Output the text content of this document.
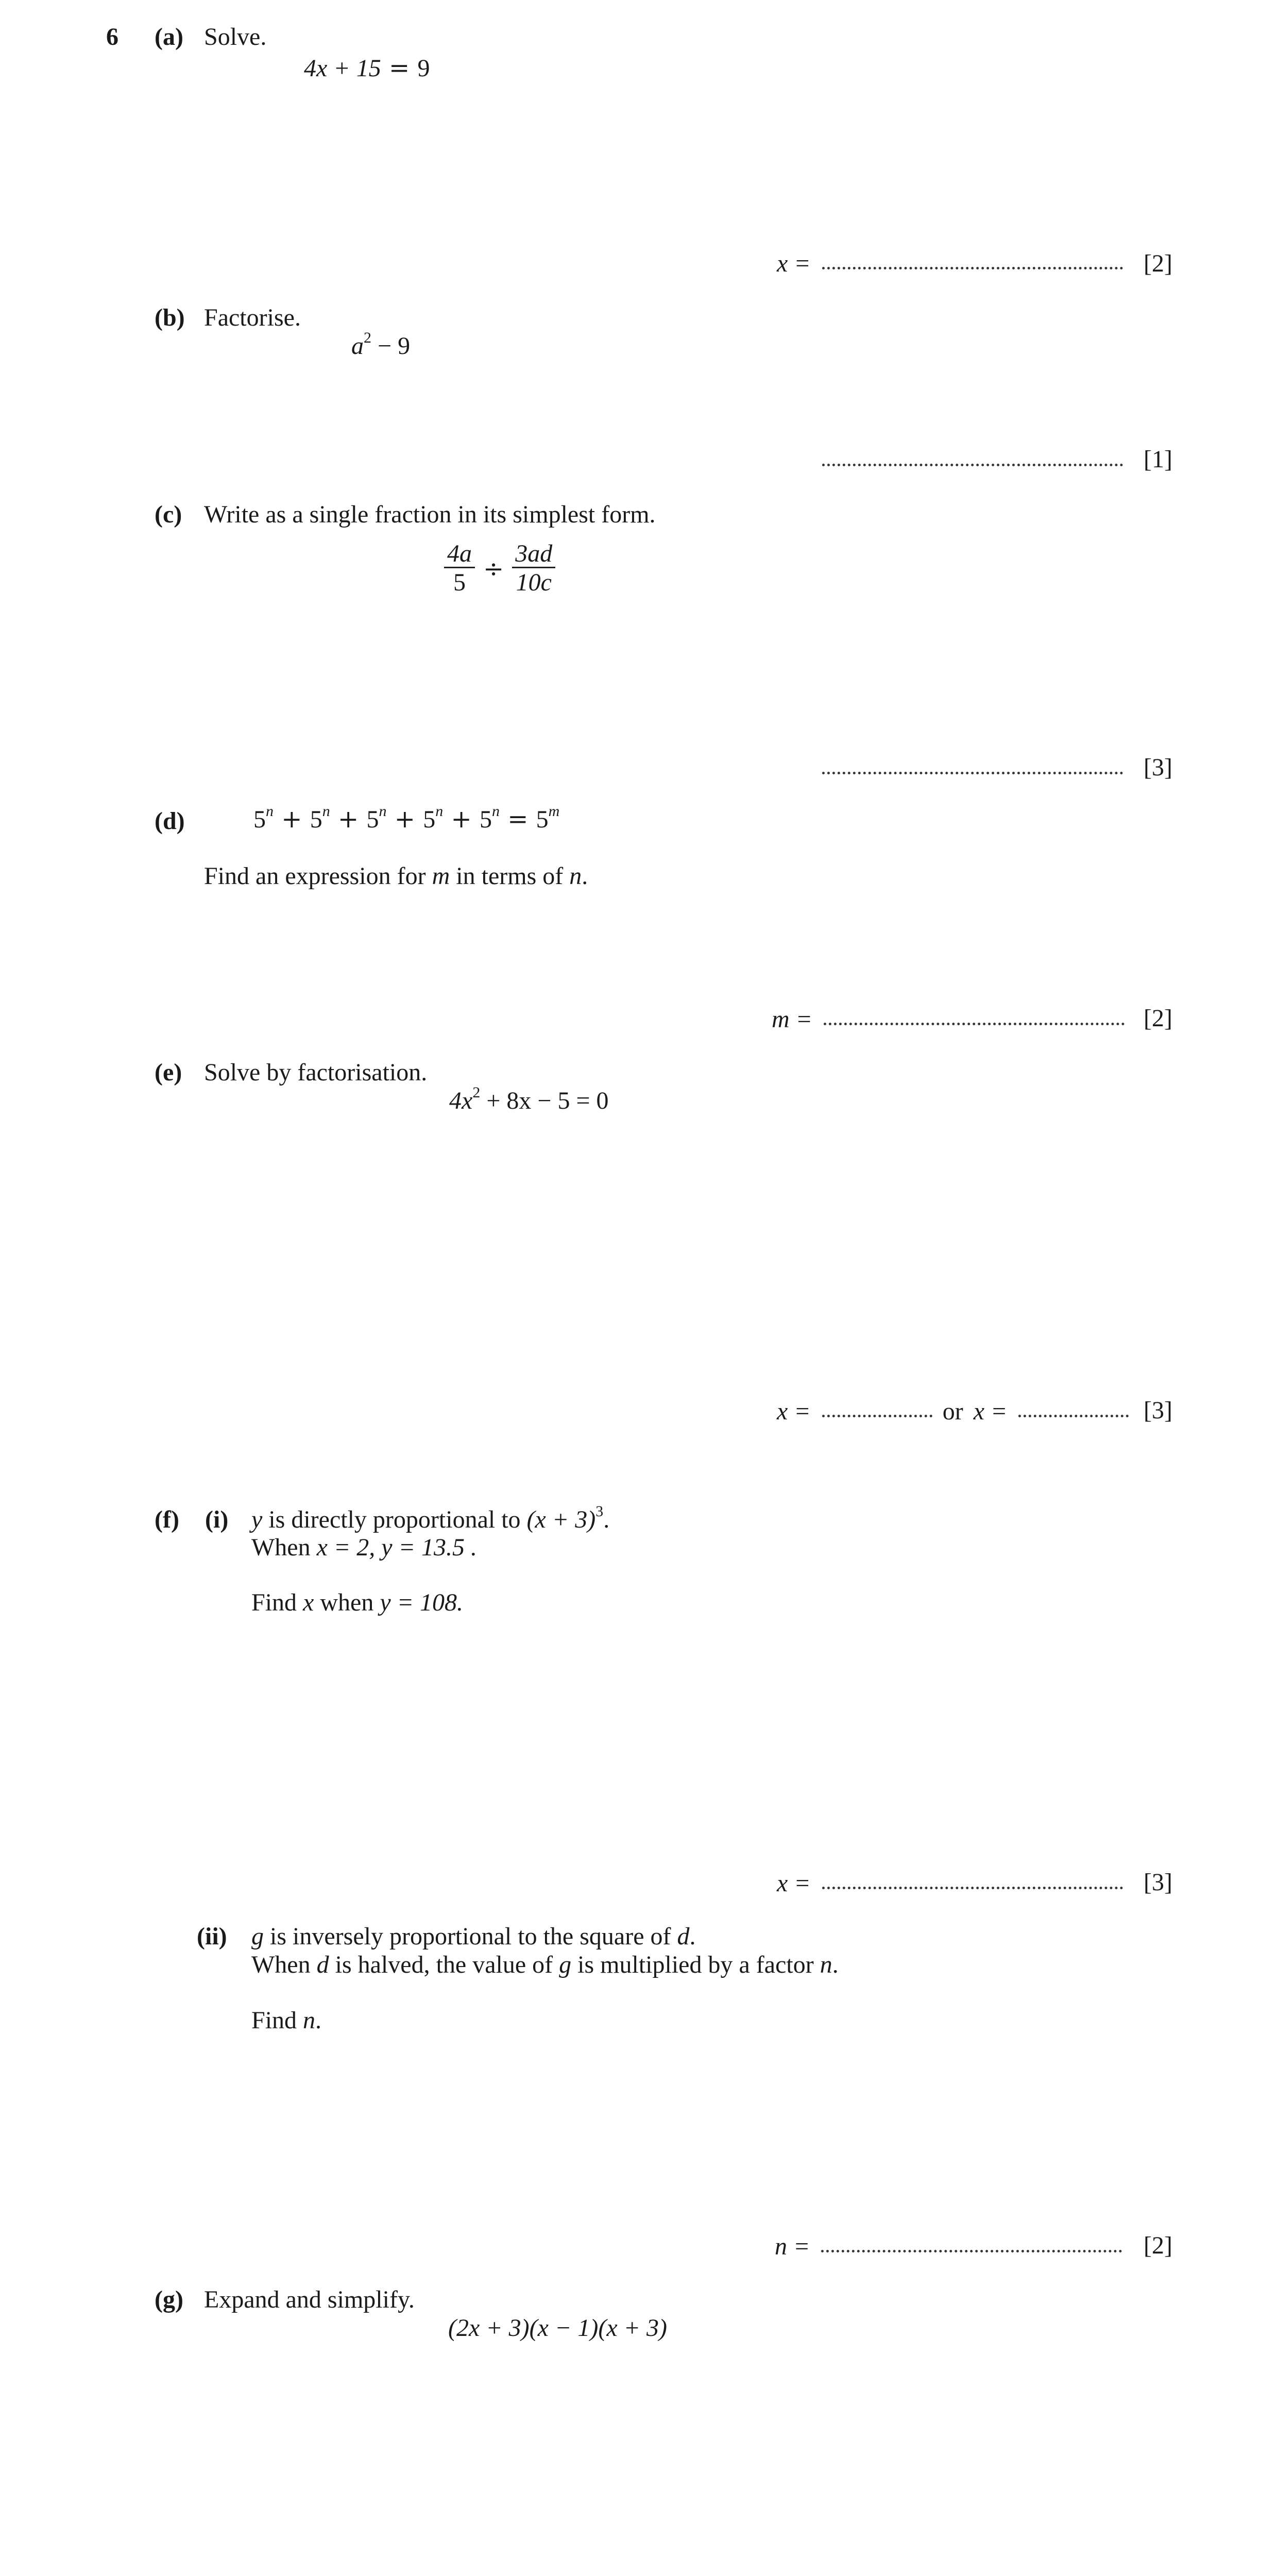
6 (a) Solve.
4x + 15 = 9
x =	[2]
(b) Factorise.
$a^2 - 9$
[1]
(c) Write as a single fraction in its simplest form.
$\frac{4a}{5} \div \frac{3ad}{10c}$
[3]
(d)	$5^n + 5^n + 5^n + 5^n + 5^n = 5^m$
Find an expression for m in terms of n.
m =	[2]
(e) Solve by factorisation.
$4x^2 + 8x - 5 = 0$
x =	or x =	[3]
(f) (i) y is directly proportional to $(x + 3)^3$.
When x = 2, y = 13.5 .
Find x when y = 108.
x =	[3]
(ii) g is inversely proportional to the square of d.
When d is halved, the value of g is multiplied by a factor n.
Find n.
n =	[2]
(g) Expand and simplify.
(2x + 3)(x − 1)(x + 3)
